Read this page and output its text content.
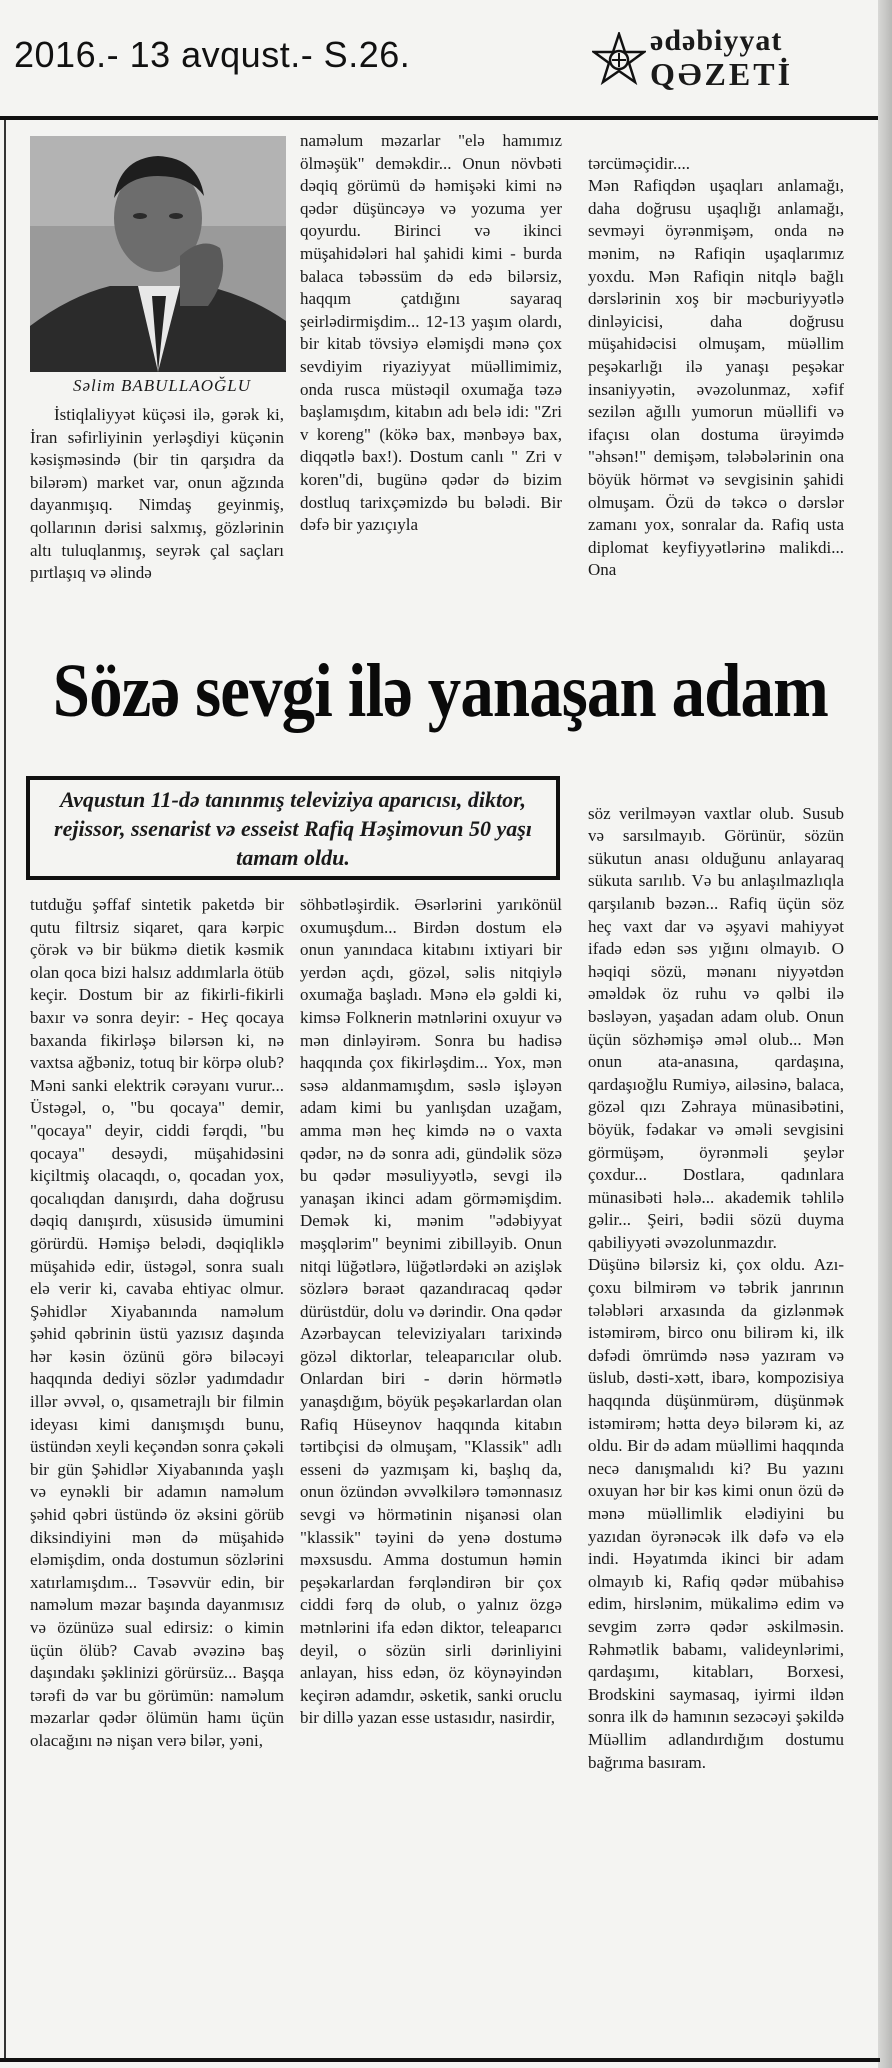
2016.- 13 avqust.- S.26.	ədəbiyyat
QƏZETİ
Səlim BABULLAOĞLU

İstiqlaliyyət küçəsi ilə, gərək ki, İran səfirliyinin yerləşdiyi küçənin kəsişməsində (bir tin qarşıdra da bilərəm) market var, onun ağzında dayanmışıq. Nimdaş geyinmiş, qollarının dərisi salxmış, gözlərinin altı tuluqlanmış, seyrək çal saçları pırtlaşıq və əlində

naməlum məzarlar "elə hamımız ölməşük" deməkdir... Onun növbəti dəqiq görümü də həmişəki kimi nə qədər düşüncəyə və yozuma yer qoyurdu. Birinci və ikinci müşahidələri hal şahidi kimi - burda balaca təbəssüm də edə bilərsiz, haqqım çatdığını sayaraq şeirlədirmişdim... 12-13 yaşım olardı, bir kitab tövsiyə eləmişdi mənə çox sevdiyim riyaziyyat müəllimimiz, onda rusca müstəqil oxumağa təzə başlamışdım, kitabın adı belə idi: "Zri v koreng" (kökə bax, mənbəyə bax, diqqətlə bax!). Dostum canlı " Zri v koren"di, bugünə qədər də bizim dostluq tarixçəmizdə bu bələdi. Bir dəfə bir yazıçıyla

tərcüməçidir....
Mən Rafiqdən uşaqları anlamağı, daha doğrusu uşaqlığı anlamağı, sevməyi öyrənmişəm, onda nə mənim, nə Rafiqin uşaqlarımız yoxdu. Mən Rafiqin nitqlə bağlı dərslərinin xoş bir məcburiyyətlə dinləyicisi, daha doğrusu müşahidəcisi olmuşam, müəllim peşəkarlığı ilə yanaşı peşəkar insaniyyətin, əvəzolunmaz, xəfif sezilən ağıllı yumorun müəllifi və ifaçısı olan dostuma ürəyimdə "əhsən!" demişəm, tələbələrinin ona böyük hörmət və sevgisinin şahidi olmuşam. Özü də təkcə o dərslər zamanı yox, sonralar da. Rafiq usta diplomat keyfiyyətlərinə malikdi... Ona

Sözə sevgi ilə yanaşan adam
Avqustun 11-də tanınmış televiziya aparıcısı, diktor, rejissor, ssenarist və esseist Rafiq Həşimovun 50 yaşı tamam oldu.

söz verilməyən vaxtlar olub. Susub və sarsılmayıb. Görünür, sözün sükutun anası olduğunu anlayaraq sükuta sarılıb. Və bu anlaşılmazlıqla qarşılanıb bəzən... Rafiq üçün söz heç vaxt dar və əşyavi mahiyyət ifadə edən səs yığını olmayıb. O həqiqi sözü, mənanı niyyətdən əməldək öz ruhu və qəlbi ilə bəsləyən, yaşadan adam olub. Onun üçün sözhəmişə əməl olub... Mən onun ata-anasına, qardaşına, qardaşıoğlu Rumiyə, ailəsinə, balaca, gözəl qızı Zəhraya münasibətini, böyük, fədakar və əməli sevgisini görmüşəm, öyrənməli şeylər çoxdur... Dostlara, qadınlara münasibəti hələ... akademik təhlilə gəlir... Şeiri, bədii sözü duyma qabiliyyəti əvəzolunmazdır.
Düşünə bilərsiz ki, çox oldu. Azı-çoxu bilmirəm və təbrik janrının tələbləri arxasında da gizlənmək istəmirəm, birco onu bilirəm ki, ilk dəfədi ömrümdə nəsə yazıram və üslub, dəsti-xətt, ibarə, kompozisiya haqqında düşünmürəm, düşünmək istəmirəm; hətta deyə bilərəm ki, az oldu. Bir də adam müəllimi haqqında necə danışmalıdı ki? Bu yazını oxuyan hər bir kəs kimi onun özü də mənə müəllimlik elədiyini bu yazıdan öyrənəcək ilk dəfə və elə indi. Həyatımda ikinci bir adam olmayıb ki, Rafiq qədər mübahisə edim, hirslənim, mükalimə edim və sevgim zərrə qədər əskilməsin. Rəhmətlik babamı, valideynlərimi, qardaşımı, kitabları, Borxesi, Brodskini saymasaq, iyirmi ildən sonra ilk də hamının sezəcəyi şəkildə Müəllim adlandırdığım dostumu bağrıma basıram.

tutduğu şəffaf sintetik paketdə bir qutu filtrsiz siqaret, qara kərpic çörək və bir bükmə dietik kəsmik olan qoca bizi halsız addımlarla ötüb keçir. Dostum bir az fikirli-fikirli baxır və sonra deyir: - Heç qocaya baxanda fikirləşə bilərsən ki, nə vaxtsa ağbəniz, totuq bir körpə olub? Məni sanki elektrik cərəyanı vurur... Üstəgəl, o, "bu qocaya" demir, "qocaya" deyir, ciddi fərqdi, "bu qocaya" desəydi, müşahidəsini kiçiltmiş olacaqdı, o, qocadan yox, qocalıqdan danışırdı, daha doğrusu dəqiq danışırdı, xüsusidə ümumini görürdü. Həmişə belədi, dəqiqliklə müşahidə edir, üstəgəl, sonra sualı elə verir ki, cavaba ehtiyac olmur. Şəhidlər Xiyabanında naməlum şəhid qəbrinin üstü yazısız daşında hər kəsin özünü görə biləcəyi haqqında dediyi sözlər yadımdadır illər əvvəl, o, qısametrajlı bir filmin ideyası kimi danışmışdı bunu, üstündən xeyli keçəndən sonra çəkəli bir gün Şəhidlər Xiyabanında yaşlı və eynəkli bir adamın naməlum şəhid qəbri üstündə öz əksini görüb diksindiyini mən də müşahidə eləmişdim, onda dostumun sözlərini xatırlamışdım... Təsəvvür edin, bir naməlum məzar başında dayanmısız və özünüzə sual edirsiz: o kimin üçün ölüb? Cavab əvəzinə baş daşındakı şəklinizi görürsüz... Başqa tərəfi də var bu görümün: naməlum məzarlar qədər ölümün hamı üçün olacağını nə nişan verə bilər, yəni,

söhbətləşirdik. Əsərlərini yarıkönül oxumuşdum... Birdən dostum elə onun yanındaca kitabını ixtiyari bir yerdən açdı, gözəl, səlis nitqiylə oxumağa başladı. Mənə elə gəldi ki, kimsə Folknerin mətnlərini oxuyur və mən dinləyirəm. Sonra bu hadisə haqqında çox fikirləşdim... Yox, mən səsə aldanmamışdım, səslə işləyən adam kimi bu yanlışdan uzağam, amma mən heç kimdə nə o vaxta qədər, nə də sonra adi, gündəlik sözə bu qədər məsuliyyətlə, sevgi ilə yanaşan ikinci adam görməmişdim. Demək ki, mənim "ədəbiyyat məşqlərim" beynimi zibilləyib. Onun nitqi lüğətlərə, lüğətlərdəki ən azişlək sözlərə bəraət qazandıracaq qədər dürüstdür, dolu və dərindir. Ona qədər Azərbaycan televiziyaları tarixində gözəl diktorlar, teleaparıcılar olub. Onlardan biri - dərin hörmətlə yanaşdığım, böyük peşəkarlardan olan Rafiq Hüseynov haqqında kitabın tərtibçisi də olmuşam, "Klassik" adlı esseni də yazmışam ki, başlıq da, onun özündən əvvəlkilərə təmənnasız sevgi və hörmətinin nişanəsi olan "klassik" təyini də yenə dostumə məxsusdu. Amma dostumun həmin peşəkarlardan fərqləndirən bir çox ciddi fərq də olub, o yalnız özgə mətnlərini ifa edən diktor, teleaparıcı deyil, o sözün sirli dərinliyini anlayan, hiss edən, öz köynəyindən keçirən adamdır, əsketik, sanki oruclu bir dillə yazan esse ustasıdır, nasirdir,
